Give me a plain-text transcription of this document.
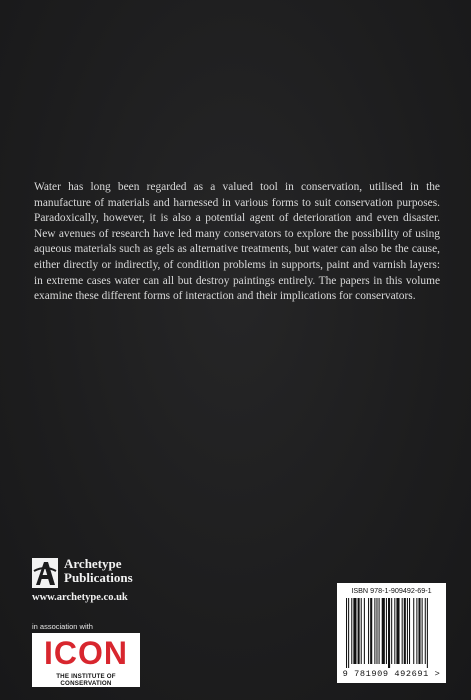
Water has long been regarded as a valued tool in conservation, utilised in the manufacture of materials and harnessed in various forms to suit conservation purposes. Paradoxically, however, it is also a potential agent of deterioration and even disaster. New avenues of research have led many conservators to explore the possibility of using aqueous materials such as gels as alternative treatments, but water can also be the cause, either directly or indirectly, of condition problems in supports, paint and varnish layers: in extreme cases water can all but destroy paintings entirely. The papers in this volume examine these different forms of interaction and their implications for conservators.

Archetype
Publications
www.archetype.co.uk
in association with
ICON
THE INSTITUTE OF CONSERVATION
ISBN 978-1-909492-69-1
9 781909 492691 >
